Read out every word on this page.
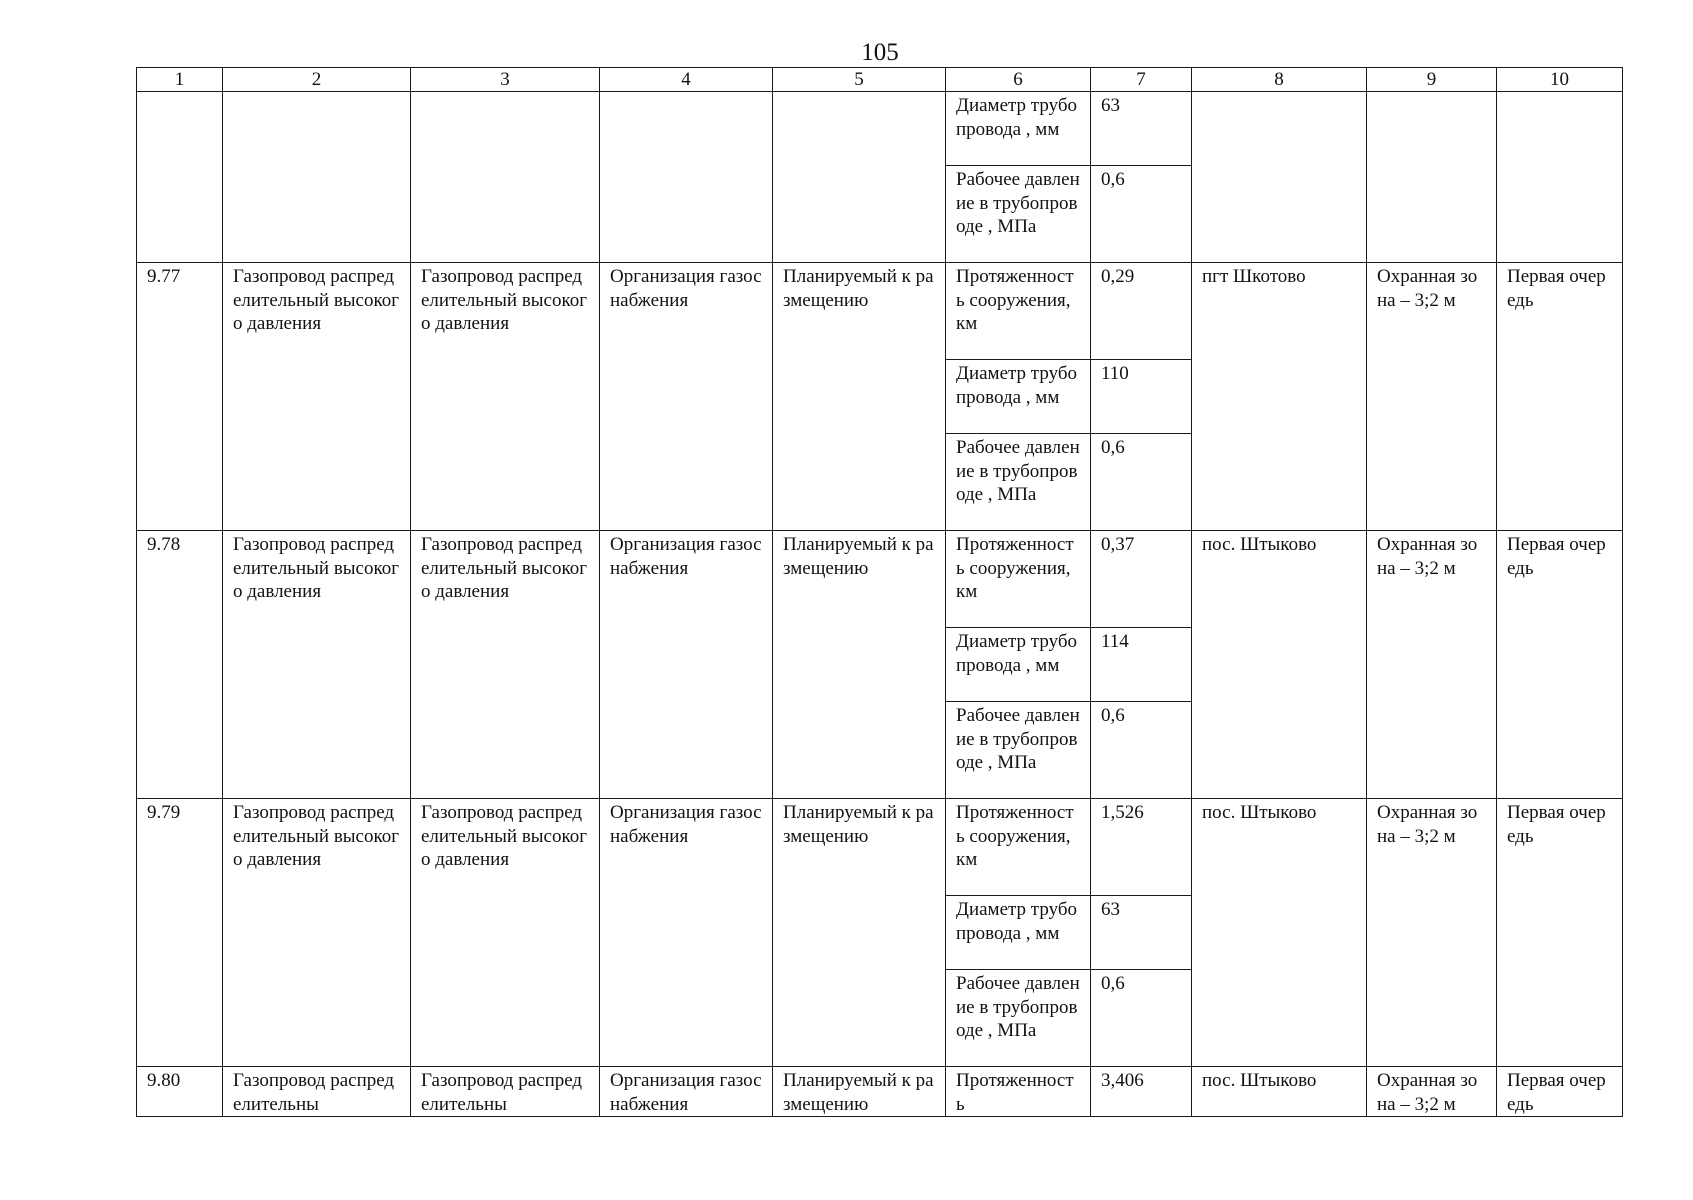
105
1	2	3	4	5	6	7	8	9	10
					Диаметр трубопровода , мм	63			
					Рабочее давление в трубопроводе , МПа	0,6			
9.77	Газопровод распределительный высокого давления	Газопровод распределительный высокого давления	Организация газоснабжения	Планируемый к размещению	Протяженность сооружения, км	0,29	пгт Шкотово	Охранная зона – 3;2 м	Первая очередь
					Диаметр трубопровода , мм	110			
					Рабочее давление в трубопроводе , МПа	0,6			
9.78	Газопровод распределительный высокого давления	Газопровод распределительный высокого давления	Организация газоснабжения	Планируемый к размещению	Протяженность сооружения, км	0,37	пос. Штыково	Охранная зона – 3;2 м	Первая очередь
					Диаметр трубопровода , мм	114			
					Рабочее давление в трубопроводе , МПа	0,6			
9.79	Газопровод распределительный высокого давления	Газопровод распределительный высокого давления	Организация газоснабжения	Планируемый к размещению	Протяженность сооружения, км	1,526	пос. Штыково	Охранная зона – 3;2 м	Первая очередь
					Диаметр трубопровода , мм	63			
					Рабочее давление в трубопроводе , МПа	0,6			
9.80	Газопровод распределительны	Газопровод распределительны	Организация газоснабжения	Планируемый к размещению	Протяженность	3,406	пос. Штыково	Охранная зона – 3;2 м	Первая очередь
